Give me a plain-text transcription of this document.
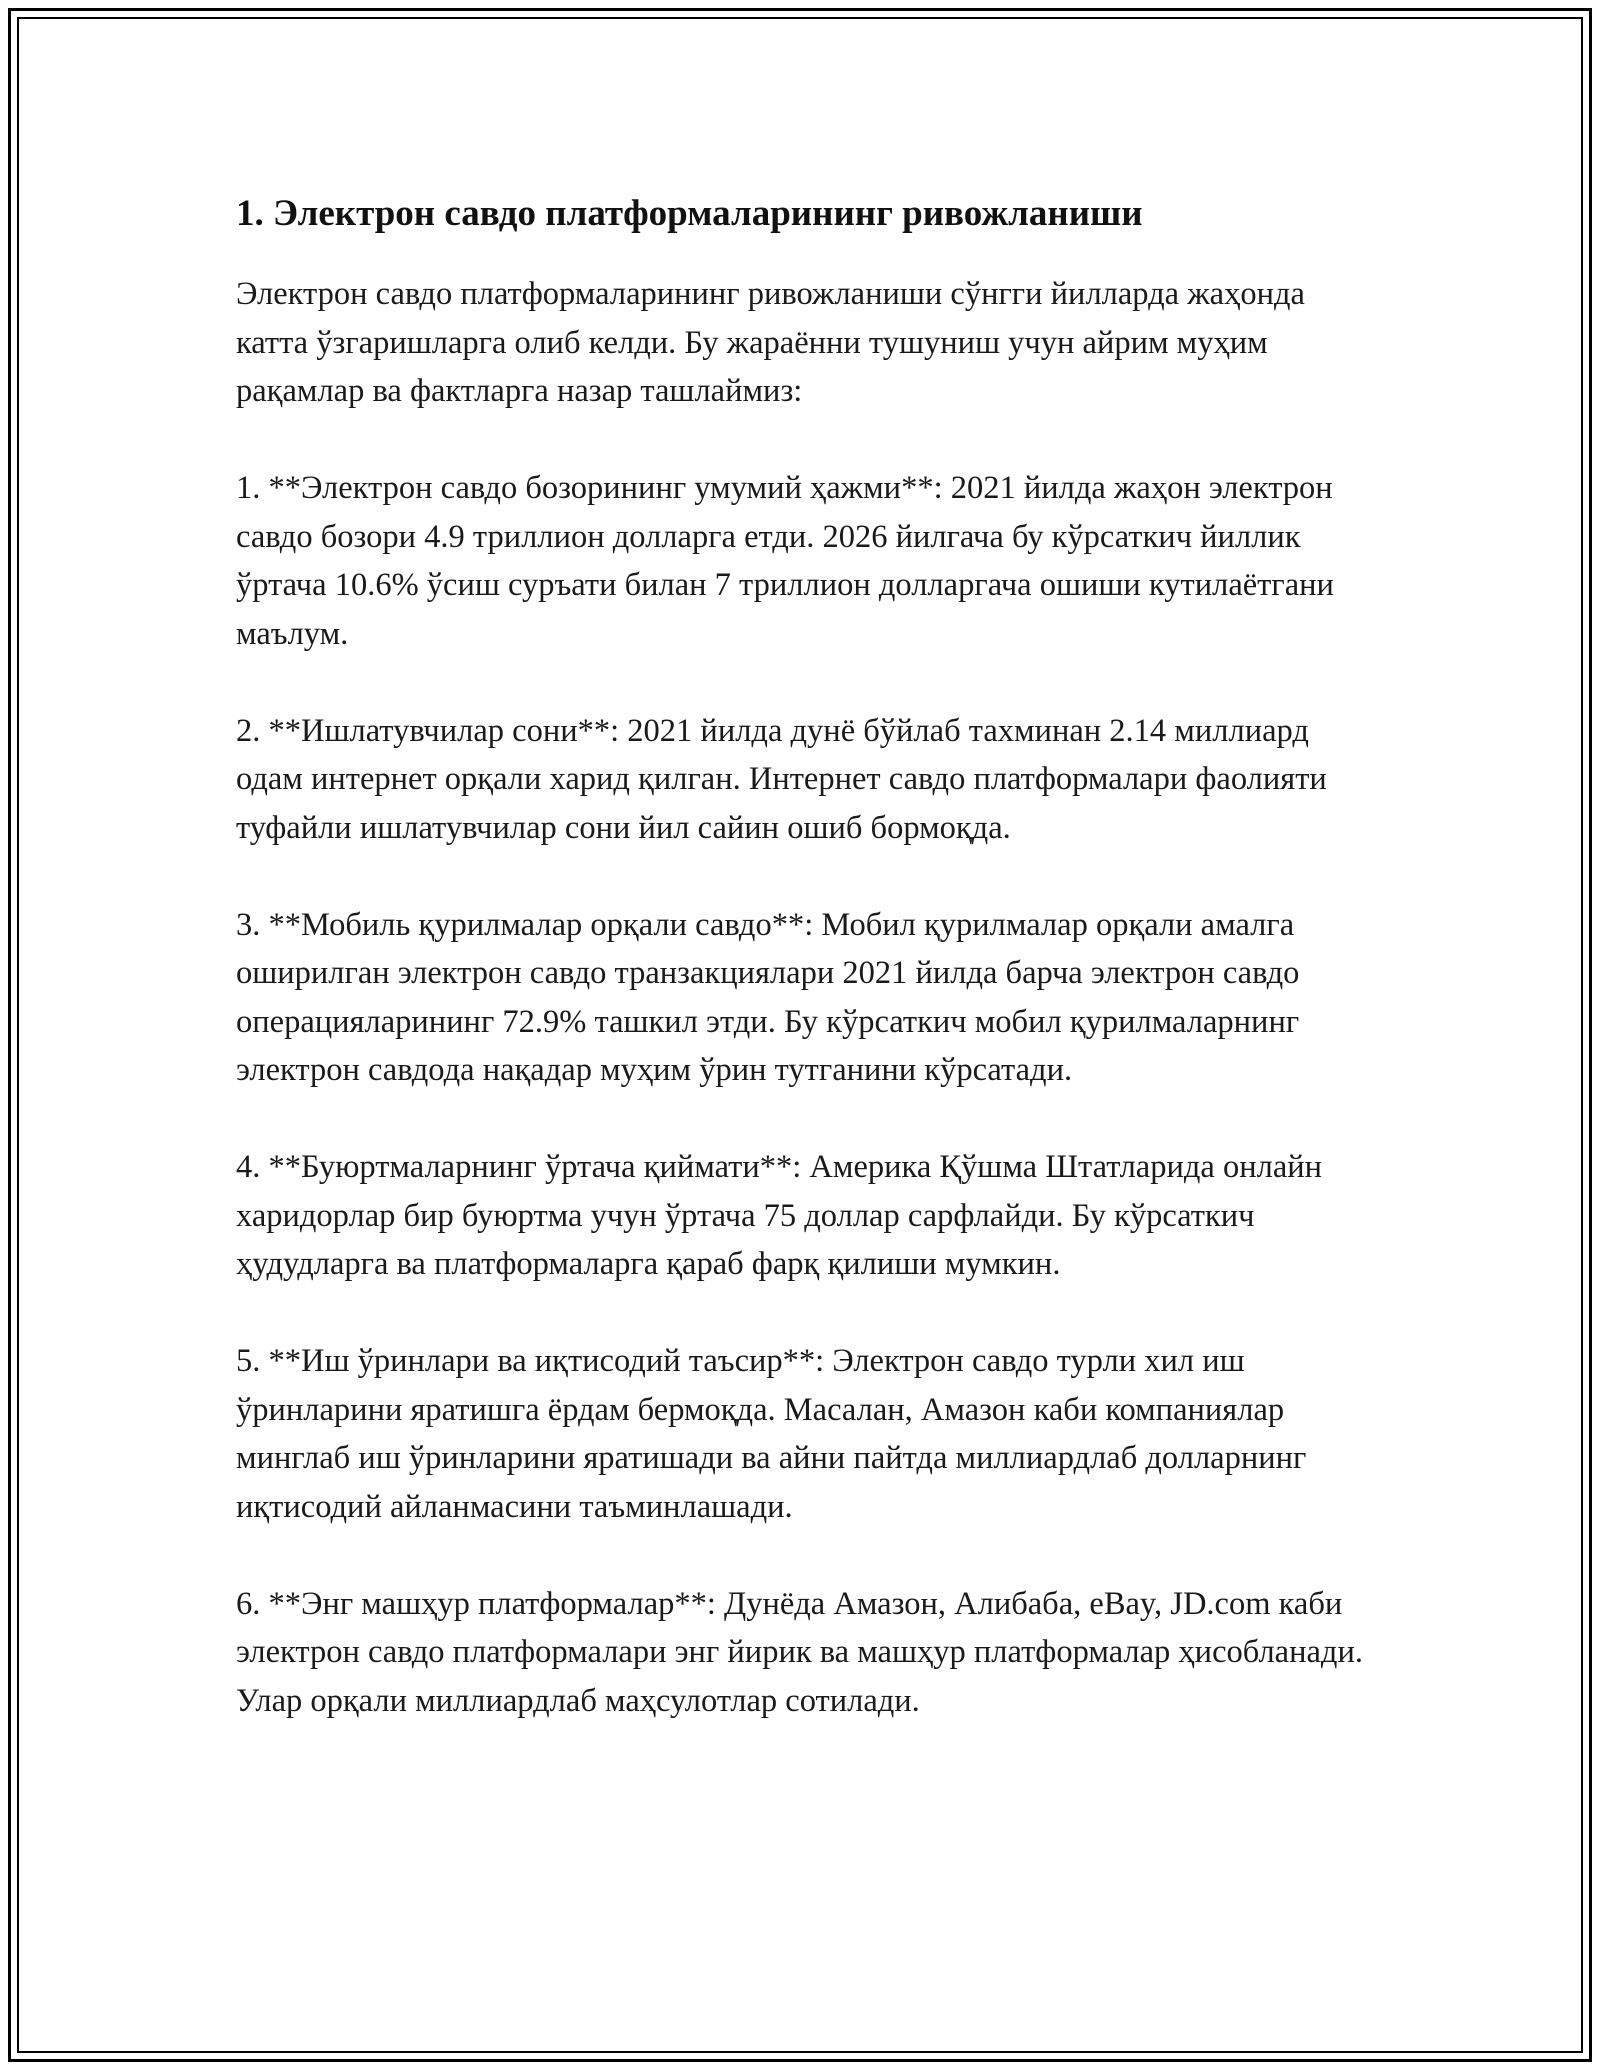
1. Электрон савдо платформаларининг ривожланиши

Электрон савдо платформаларининг ривожланиши сўнгги йилларда жаҳонда катта ўзгаришларга олиб келди. Бу жараённи тушуниш учун айрим муҳим рақамлар ва фактларга назар ташлаймиз:

1. **Электрон савдо бозорининг умумий ҳажми**: 2021 йилда жаҳон электрон савдо бозори 4.9 триллион долларга етди. 2026 йилгача бу кўрсаткич йиллик ўртача 10.6% ўсиш суръати билан 7 триллион долларгача ошиши кутилаётгани маълум.

2. **Ишлатувчилар сони**: 2021 йилда дунё бўйлаб тахминан 2.14 миллиард одам интернет орқали харид қилган. Интернет савдо платформалари фаолияти туфайли ишлатувчилар сони йил сайин ошиб бормоқда.

3. **Мобиль қурилмалар орқали савдо**: Мобил қурилмалар орқали амалга оширилган электрон савдо транзакциялари 2021 йилда барча электрон савдо операцияларининг 72.9% ташкил этди. Бу кўрсаткич мобил қурилмаларнинг электрон савдода нақадар муҳим ўрин тутганини кўрсатади.

4. **Буюртмаларнинг ўртача қиймати**: Америка Қўшма Штатларида онлайн харидорлар бир буюртма учун ўртача 75 доллар сарфлайди. Бу кўрсаткич ҳудудларга ва платформаларга қараб фарқ қилиши мумкин.

5. **Иш ўринлари ва иқтисодий таъсир**: Электрон савдо турли хил иш ўринларини яратишга ёрдам бермоқда. Масалан, Амазон каби компаниялар минглаб иш ўринларини яратишади ва айни пайтда миллиардлаб долларнинг иқтисодий айланмасини таъминлашади.

6. **Энг машҳур платформалар**: Дунёда Амазон, Алибаба, eBay, JD.com каби электрон савдо платформалари энг йирик ва машҳур платформалар ҳисобланади. Улар орқали миллиардлаб маҳсулотлар сотилади.
